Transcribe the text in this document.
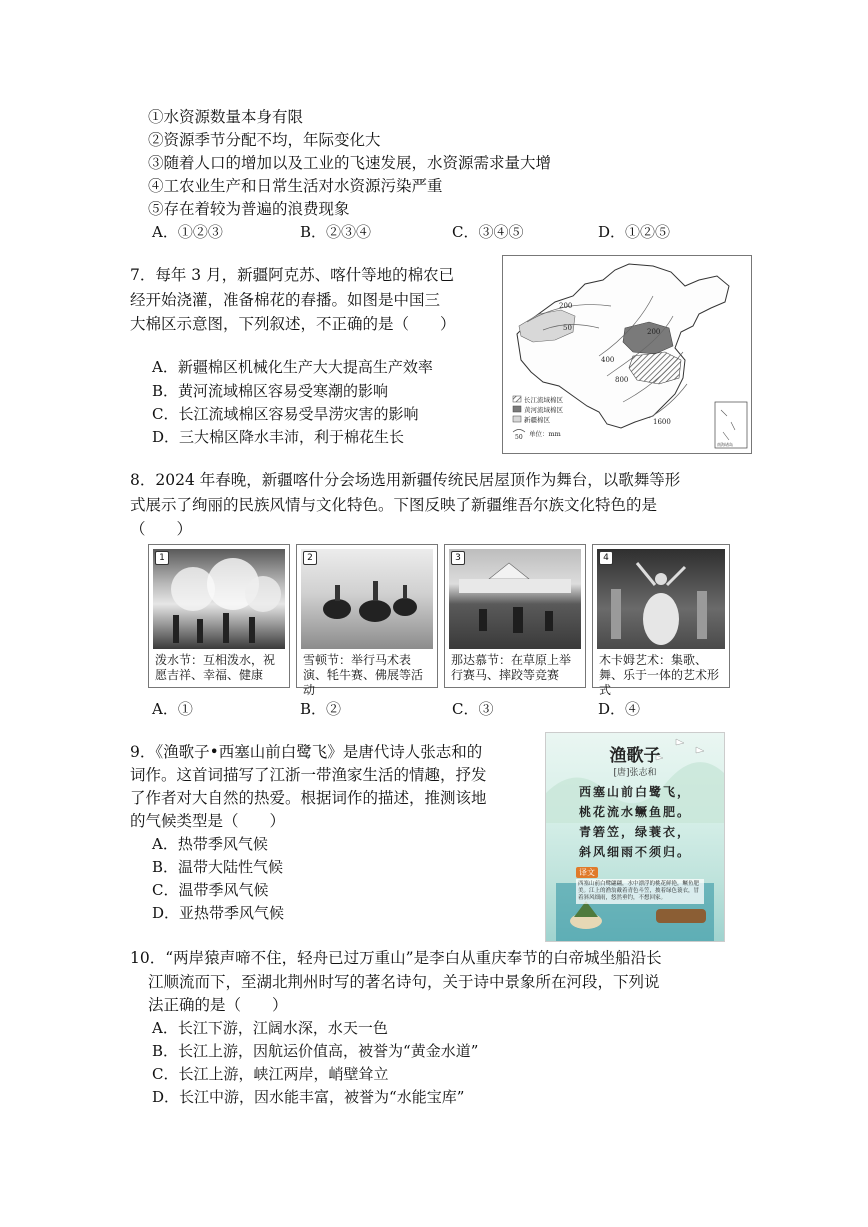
①水资源数量本身有限
②资源季节分配不均，年际变化大
③随着人口的增加以及工业的飞速发展，水资源需求量大增
④工农业生产和日常生活对水资源污染严重
⑤存在着较为普遍的浪费现象
A．①②③	B．②③④	C．③④⑤	D．①②⑤
7．每年 3 月，新疆阿克苏、喀什等地的棉农已
经开始浇灌，准备棉花的春播。如图是中国三
大棉区示意图，下列叙述，不正确的是（　　）
A．新疆棉区机械化生产大大提高生产效率
B．黄河流域棉区容易受寒潮的影响
C．长江流域棉区容易受旱涝灾害的影响
D．三大棉区降水丰沛，利于棉花生长
200
50	200
400
800
1600
长江流域棉区
黄河流域棉区
新疆棉区
50 单位：mm
南海诸岛
8．2024 年春晚，新疆喀什分会场选用新疆传统民居屋顶作为舞台，以歌舞等形
式展示了绚丽的民族风情与文化特色。下图反映了新疆维吾尔族文化特色的是
（　　）
1
泼水节：互相泼水，祝愿吉祥、幸福、健康
2
雪顿节：举行马术表演、牦牛赛、佛展等活动
3
那达慕节：在草原上举行赛马、摔跤等竞赛
4
木卡姆艺术：集歌、舞、乐于一体的艺术形式
A．①	B．②	C．③	D．④
9．《渔歌子•西塞山前白鹭飞》是唐代诗人张志和的
词作。这首词描写了江浙一带渔家生活的情趣，抒发
了作者对大自然的热爱。根据词作的描述，推测该地
的气候类型是（　　）
A．热带季风气候
B．温带大陆性气候
C．温带季风气候
D．亚热带季风气候
渔歌子
[唐]张志和
西塞山前白鹭飞，
桃花流水鳜鱼肥。
青箬笠，绿蓑衣，
斜风细雨不须归。
译文
西塞山前白鹭翩翩，水中漂浮的桃花鲜艳，鳜鱼肥美。江上的渔翁戴着青色斗笠，披着绿色蓑衣，冒着斜风细雨，悠然垂钓，不想回家。
10．“两岸猿声啼不住，轻舟已过万重山”是李白从重庆奉节的白帝城坐船沿长
江顺流而下，至湖北荆州时写的著名诗句，关于诗中景象所在河段，下列说
法正确的是（　　）
A．长江下游，江阔水深，水天一色
B．长江上游，因航运价值高，被誉为“黄金水道”
C．长江上游，峡江两岸，峭壁耸立
D．长江中游，因水能丰富，被誉为“水能宝库”
